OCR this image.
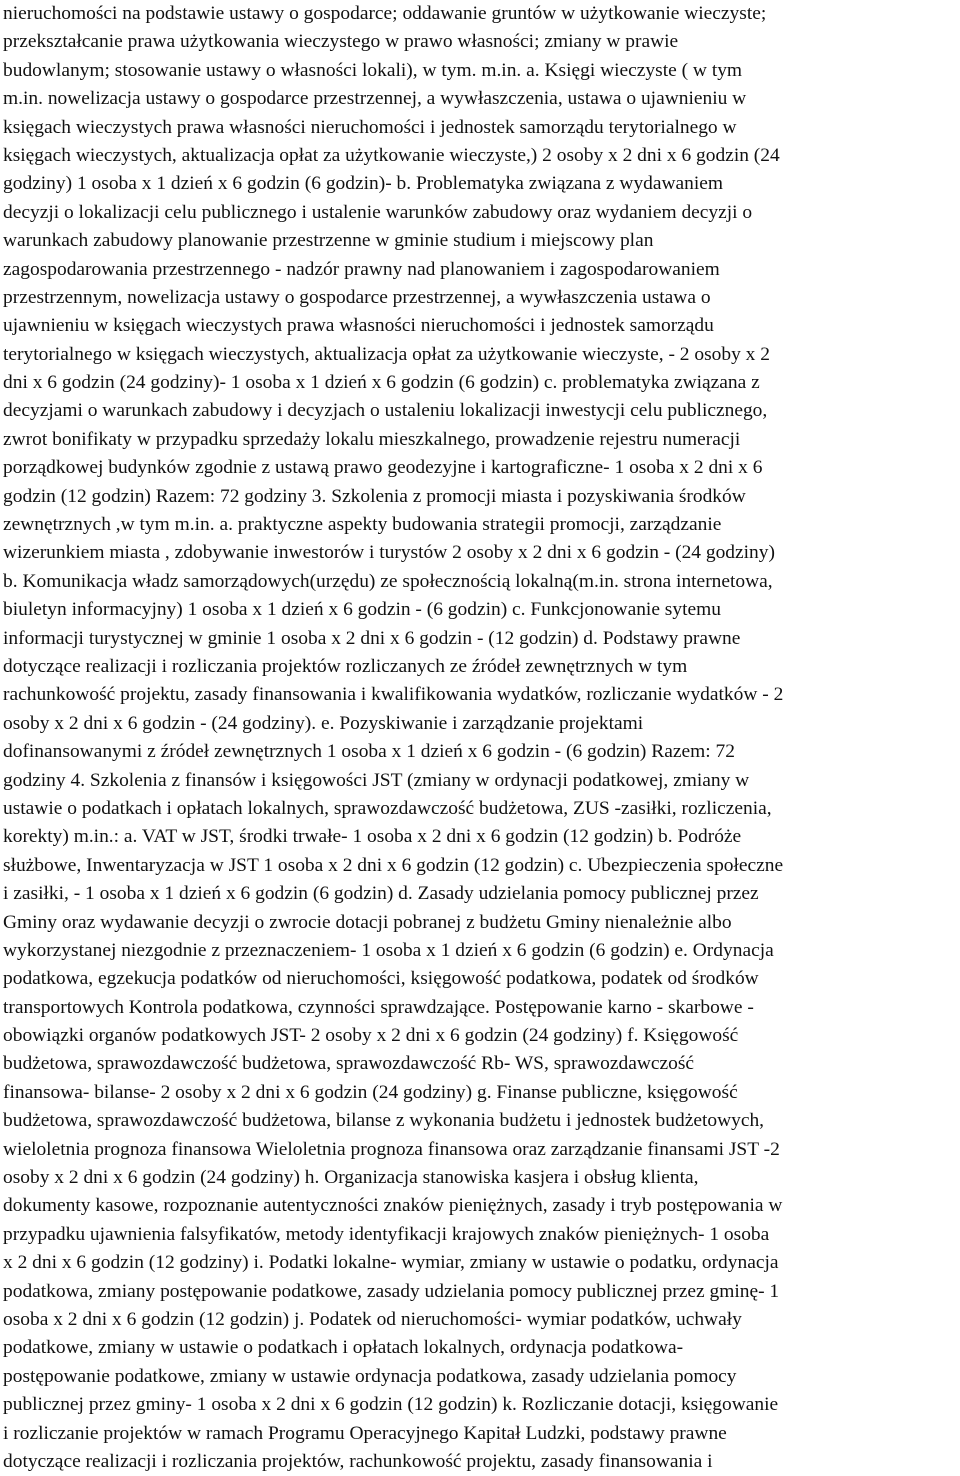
nieruchomości na podstawie ustawy o gospodarce; oddawanie gruntów w użytkowanie wieczyste;
przekształcanie prawa użytkowania wieczystego w prawo własności; zmiany w prawie
budowlanym; stosowanie ustawy o własności lokali), w tym. m.in. a. Księgi wieczyste ( w tym
m.in. nowelizacja ustawy o gospodarce przestrzennej, a wywłaszczenia, ustawa o ujawnieniu w
księgach wieczystych prawa własności nieruchomości i jednostek samorządu terytorialnego w
księgach wieczystych, aktualizacja opłat za użytkowanie wieczyste,) 2 osoby x 2 dni x 6 godzin (24
godziny) 1 osoba x 1 dzień x 6 godzin (6 godzin)- b. Problematyka związana z wydawaniem
decyzji o lokalizacji celu publicznego i ustalenie warunków zabudowy oraz wydaniem decyzji o
warunkach zabudowy planowanie przestrzenne w gminie studium i miejscowy plan
zagospodarowania przestrzennego - nadzór prawny nad planowaniem i zagospodarowaniem
przestrzennym, nowelizacja ustawy o gospodarce przestrzennej, a wywłaszczenia ustawa o
ujawnieniu w księgach wieczystych prawa własności nieruchomości i jednostek samorządu
terytorialnego w księgach wieczystych, aktualizacja opłat za użytkowanie wieczyste, - 2 osoby x 2
dni x 6 godzin (24 godziny)- 1 osoba x 1 dzień x 6 godzin (6 godzin) c. problematyka związana z
decyzjami o warunkach zabudowy i decyzjach o ustaleniu lokalizacji inwestycji celu publicznego,
zwrot bonifikaty w przypadku sprzedaży lokalu mieszkalnego, prowadzenie rejestru numeracji
porządkowej budynków zgodnie z ustawą prawo geodezyjne i kartograficzne- 1 osoba x 2 dni x 6
godzin (12 godzin) Razem: 72 godziny 3. Szkolenia z promocji miasta i pozyskiwania środków
zewnętrznych ,w tym m.in. a. praktyczne aspekty budowania strategii promocji, zarządzanie
wizerunkiem miasta , zdobywanie inwestorów i turystów 2 osoby x 2 dni x 6 godzin - (24 godziny)
b. Komunikacja władz samorządowych(urzędu) ze społecznością lokalną(m.in. strona internetowa,
biuletyn informacyjny) 1 osoba x 1 dzień x 6 godzin - (6 godzin) c. Funkcjonowanie sytemu
informacji turystycznej w gminie 1 osoba x 2 dni x 6 godzin - (12 godzin) d. Podstawy prawne
dotyczące realizacji i rozliczania projektów rozliczanych ze źródeł zewnętrznych w tym
rachunkowość projektu, zasady finansowania i kwalifikowania wydatków, rozliczanie wydatków - 2
osoby x 2 dni x 6 godzin - (24 godziny). e. Pozyskiwanie i zarządzanie projektami
dofinansowanymi z źródeł zewnętrznych 1 osoba x 1 dzień x 6 godzin - (6 godzin) Razem: 72
godziny 4. Szkolenia z finansów i księgowości JST (zmiany w ordynacji podatkowej, zmiany w
ustawie o podatkach i opłatach lokalnych, sprawozdawczość budżetowa, ZUS -zasiłki, rozliczenia,
korekty) m.in.: a. VAT w JST, środki trwałe- 1 osoba x 2 dni x 6 godzin (12 godzin) b. Podróże
służbowe, Inwentaryzacja w JST 1 osoba x 2 dni x 6 godzin (12 godzin) c. Ubezpieczenia społeczne
i zasiłki, - 1 osoba x 1 dzień x 6 godzin (6 godzin) d. Zasady udzielania pomocy publicznej przez
Gminy oraz wydawanie decyzji o zwrocie dotacji pobranej z budżetu Gminy nienależnie albo
wykorzystanej niezgodnie z przeznaczeniem- 1 osoba x 1 dzień x 6 godzin (6 godzin) e. Ordynacja
podatkowa, egzekucja podatków od nieruchomości, księgowość podatkowa, podatek od środków
transportowych Kontrola podatkowa, czynności sprawdzające. Postępowanie karno - skarbowe -
obowiązki organów podatkowych JST- 2 osoby x 2 dni x 6 godzin (24 godziny) f. Księgowość
budżetowa, sprawozdawczość budżetowa, sprawozdawczość Rb- WS, sprawozdawczość
finansowa- bilanse- 2 osoby x 2 dni x 6 godzin (24 godziny) g. Finanse publiczne, księgowość
budżetowa, sprawozdawczość budżetowa, bilanse z wykonania budżetu i jednostek budżetowych,
wieloletnia prognoza finansowa Wieloletnia prognoza finansowa oraz zarządzanie finansami JST -2
osoby x 2 dni x 6 godzin (24 godziny) h. Organizacja stanowiska kasjera i obsług klienta,
dokumenty kasowe, rozpoznanie autentyczności znaków pieniężnych, zasady i tryb postępowania w
przypadku ujawnienia falsyfikatów, metody identyfikacji krajowych znaków pieniężnych- 1 osoba
x 2 dni x 6 godzin (12 godziny) i. Podatki lokalne- wymiar, zmiany w ustawie o podatku, ordynacja
podatkowa, zmiany postępowanie podatkowe, zasady udzielania pomocy publicznej przez gminę- 1
osoba x 2 dni x 6 godzin (12 godzin) j. Podatek od nieruchomości- wymiar podatków, uchwały
podatkowe, zmiany w ustawie o podatkach i opłatach lokalnych, ordynacja podatkowa-
postępowanie podatkowe, zmiany w ustawie ordynacja podatkowa, zasady udzielania pomocy
publicznej przez gminy- 1 osoba x 2 dni x 6 godzin (12 godzin) k. Rozliczanie dotacji, księgowanie
i rozliczanie projektów w ramach Programu Operacyjnego Kapitał Ludzki, podstawy prawne
dotyczące realizacji i rozliczania projektów, rachunkowość projektu, zasady finansowania i
